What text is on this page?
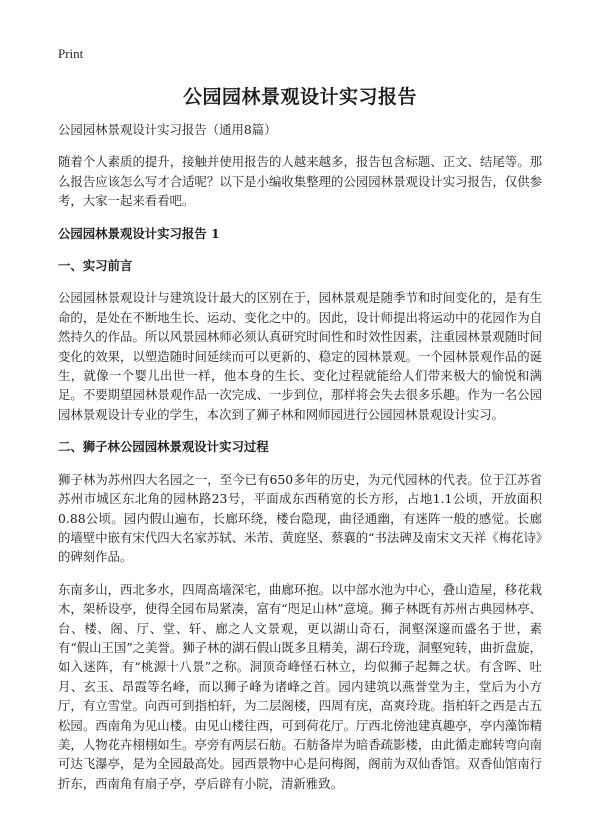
Print
公园园林景观设计实习报告

公园园林景观设计实习报告（通用8篇）

随着个人素质的提升，接触并使用报告的人越来越多，报告包含标题、正文、结尾等。那么报告应该怎么写才合适呢？以下是小编收集整理的公园园林景观设计实习报告，仅供参考，大家一起来看看吧。

公园园林景观设计实习报告 1

一、实习前言

公园园林景观设计与建筑设计最大的区别在于，园林景观是随季节和时间变化的，是有生命的，是处在不断地生长、运动、变化之中的。因此，设计师提出将运动中的花园作为自然持久的作品。所以风景园林师必须认真研究时间性和时效性因素，注重园林景观随时间变化的效果，以塑造随时间延续而可以更新的、稳定的园林景观。一个园林景观作品的诞生，就像一个婴儿出世一样，他本身的生长、变化过程就能给人们带来极大的愉悦和满足。不要期望园林景观作品一次完成、一步到位，那样将会失去很多乐趣。作为一名公园园林景观设计专业的学生，本次到了狮子林和网师园进行公园园林景观设计实习。

二、狮子林公园园林景观设计实习过程

狮子林为苏州四大名园之一，至今已有650多年的历史，为元代园林的代表。位于江苏省苏州市城区东北角的园林路23号，平面成东西稍宽的长方形，占地1.1公顷，开放面积0.88公顷。园内假山遍布，长廊环绕，楼台隐现，曲径通幽，有迷阵一般的感觉。长廊的墙壁中嵌有宋代四大名家苏轼、米芾、黄庭坚、蔡襄的“书法碑及南宋文天祥《梅花诗》的碑刻作品。

东南多山，西北多水，四周高墙深宅，曲廊环抱。以中部水池为中心，叠山造屋，移花栽木，架桥设亭，使得全园布局紧凑，富有“咫足山林”意境。狮子林既有苏州古典园林亭、台、楼、阁、厅、堂、轩、廊之人文景观，更以湖山奇石，洞壑深邃而盛名于世，素有“假山王国”之美誉。狮子林的湖石假山既多且精美，湖石玲珑，洞壑宛转，曲折盘旋，如入迷阵，有“桃源十八景”之称。洞顶奇峰怪石林立，均似狮子起舞之状。有含晖、吐月、玄玉、昂霞等名峰，而以狮子峰为诸峰之首。园内建筑以燕誉堂为主，堂后为小方厅，有立雪堂。向西可到指柏轩，为二层阁楼，四周有庑，高爽玲珑。指柏轩之西是古五松园。西南角为见山楼。由见山楼往西，可到荷花厅。厅西北傍池建真趣亭，亭内藻饰精美，人物花卉栩栩如生。亭旁有两层石舫。石舫备岸为暗香疏影楼，由此循走廊转弯向南可达飞瀑亭，是为全园最高处。园西景物中心是问梅阁，阁前为双仙香馆。双香仙馆南行折东，西南角有扇子亭，亭后辟有小院，清新雅致。
